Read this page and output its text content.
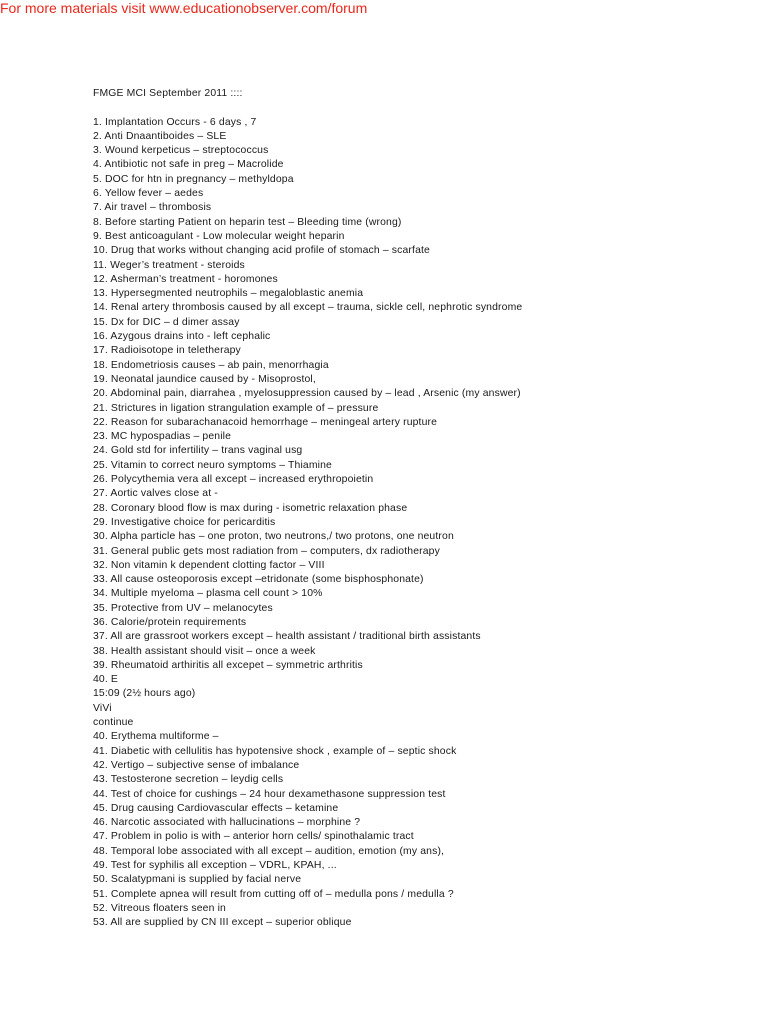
For more materials visit www.educationobserver.com/forum
FMGE MCI September 2011 ::::
1. Implantation Occurs - 6 days , 7
2. Anti Dnaantiboides – SLE
3. Wound kerpeticus – streptococcus
4. Antibiotic not safe in preg – Macrolide
5. DOC for htn in pregnancy – methyldopa
6. Yellow fever – aedes
7. Air travel – thrombosis
8. Before starting Patient on heparin test – Bleeding time (wrong)
9. Best anticoagulant - Low molecular weight heparin
10. Drug that works without changing acid profile of stomach – scarfate
11. Weger’s treatment - steroids
12. Asherman’s treatment - horomones
13. Hypersegmented neutrophils – megaloblastic anemia
14. Renal artery thrombosis caused by all except – trauma, sickle cell, nephrotic syndrome
15. Dx for DIC – d dimer assay
16. Azygous drains into - left cephalic
17. Radioisotope in teletherapy
18. Endometriosis causes – ab pain, menorrhagia
19. Neonatal jaundice caused by - Misoprostol,
20. Abdominal pain, diarrahea , myelosuppression caused by – lead , Arsenic (my answer)
21. Strictures in ligation strangulation example of – pressure
22. Reason for subarachanacoid hemorrhage – meningeal artery rupture
23. MC hypospadias – penile
24. Gold std for infertility – trans vaginal usg
25. Vitamin to correct neuro symptoms – Thiamine
26. Polycythemia vera all except – increased erythropoietin
27. Aortic valves close at -
28. Coronary blood flow is max during - isometric relaxation phase
29. Investigative choice for pericarditis
30. Alpha particle has – one proton, two neutrons,/ two protons, one neutron
31. General public gets most radiation from – computers, dx radiotherapy
32. Non vitamin k dependent clotting factor – VIII
33. All cause osteoporosis except –etridonate (some bisphosphonate)
34. Multiple myeloma – plasma cell count > 10%
35. Protective from UV – melanocytes
36. Calorie/protein requirements
37. All are grassroot workers except – health assistant / traditional birth assistants
38. Health assistant should visit – once a week
39. Rheumatoid arthiritis all excepet – symmetric arthritis
40. E
15:09 (2½ hours ago)
ViVi
continue
40. Erythema multiforme –
41. Diabetic with cellulitis has hypotensive shock , example of – septic shock
42. Vertigo – subjective sense of imbalance
43. Testosterone secretion – leydig cells
44. Test of choice for cushings – 24 hour dexamethasone suppression test
45. Drug causing Cardiovascular effects – ketamine
46. Narcotic associated with hallucinations – morphine ?
47. Problem in polio is with – anterior horn cells/ spinothalamic tract
48. Temporal lobe associated with all except – audition, emotion (my ans),
49. Test for syphilis all exception – VDRL, KPAH, ...
50. Scalatypmani is supplied by facial nerve
51. Complete apnea will result from cutting off of – medulla pons / medulla ?
52. Vitreous floaters seen in
53. All are supplied by CN III except – superior oblique
